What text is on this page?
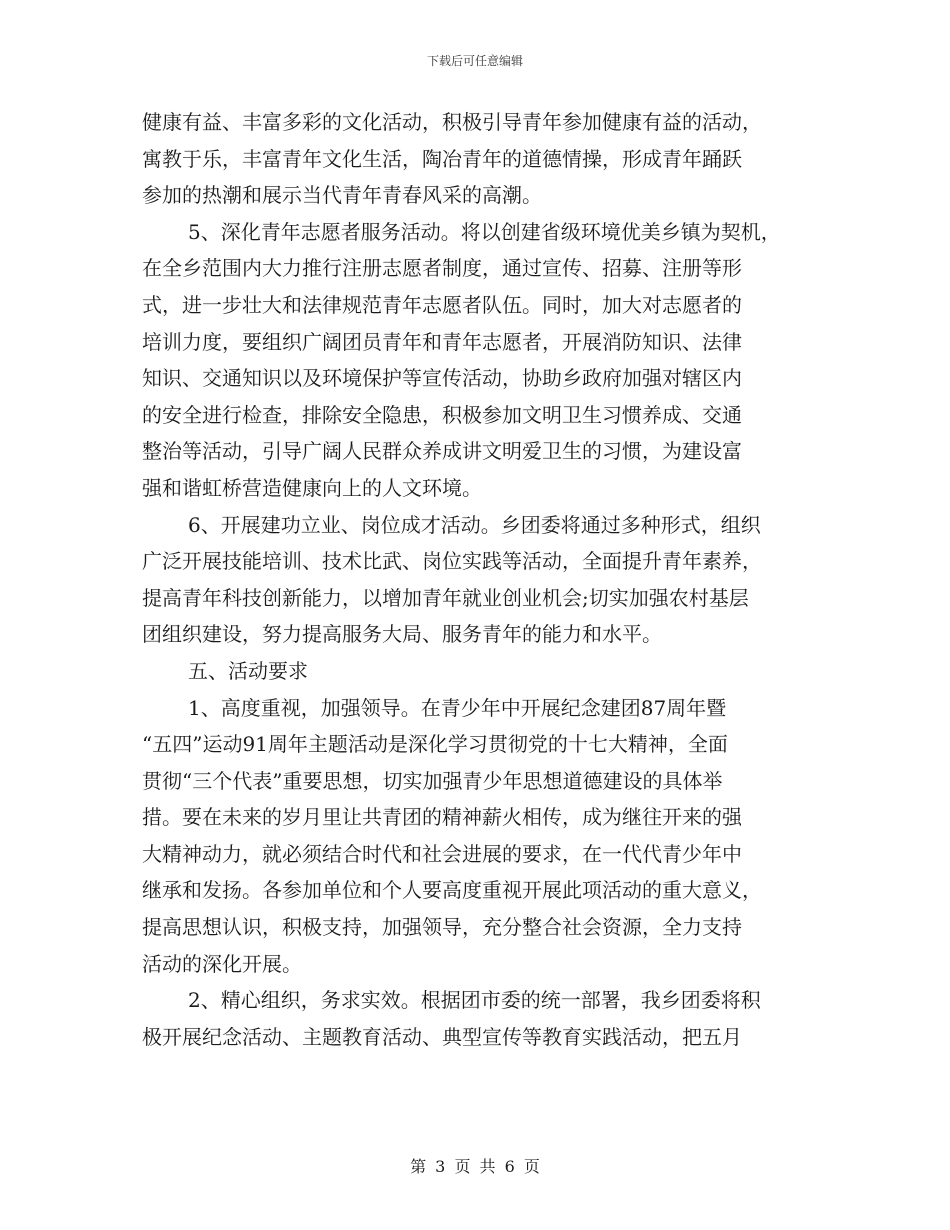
下载后可任意编辑
健康有益、丰富多彩的文化活动，积极引导青年参加健康有益的活动，
寓教于乐，丰富青年文化生活，陶冶青年的道德情操，形成青年踊跃
参加的热潮和展示当代青年青春风采的高潮。
5、深化青年志愿者服务活动。将以创建省级环境优美乡镇为契机，
在全乡范围内大力推行注册志愿者制度，通过宣传、招募、注册等形
式，进一步壮大和法律规范青年志愿者队伍。同时，加大对志愿者的
培训力度，要组织广阔团员青年和青年志愿者，开展消防知识、法律
知识、交通知识以及环境保护等宣传活动，协助乡政府加强对辖区内
的安全进行检查，排除安全隐患，积极参加文明卫生习惯养成、交通
整治等活动，引导广阔人民群众养成讲文明爱卫生的习惯，为建设富
强和谐虹桥营造健康向上的人文环境。
6、开展建功立业、岗位成才活动。乡团委将通过多种形式，组织
广泛开展技能培训、技术比武、岗位实践等活动，全面提升青年素养，
提高青年科技创新能力，以增加青年就业创业机会;切实加强农村基层
团组织建设，努力提高服务大局、服务青年的能力和水平。
五、活动要求
1、高度重视，加强领导。在青少年中开展纪念建团87周年暨
“五四”运动91周年主题活动是深化学习贯彻党的十七大精神，全面
贯彻“三个代表”重要思想，切实加强青少年思想道德建设的具体举
措。要在未来的岁月里让共青团的精神薪火相传，成为继往开来的强
大精神动力，就必须结合时代和社会进展的要求，在一代代青少年中
继承和发扬。各参加单位和个人要高度重视开展此项活动的重大意义，
提高思想认识，积极支持，加强领导，充分整合社会资源，全力支持
活动的深化开展。
2、精心组织，务求实效。根据团市委的统一部署，我乡团委将积
极开展纪念活动、主题教育活动、典型宣传等教育实践活动，把五月
第 3 页 共 6 页
